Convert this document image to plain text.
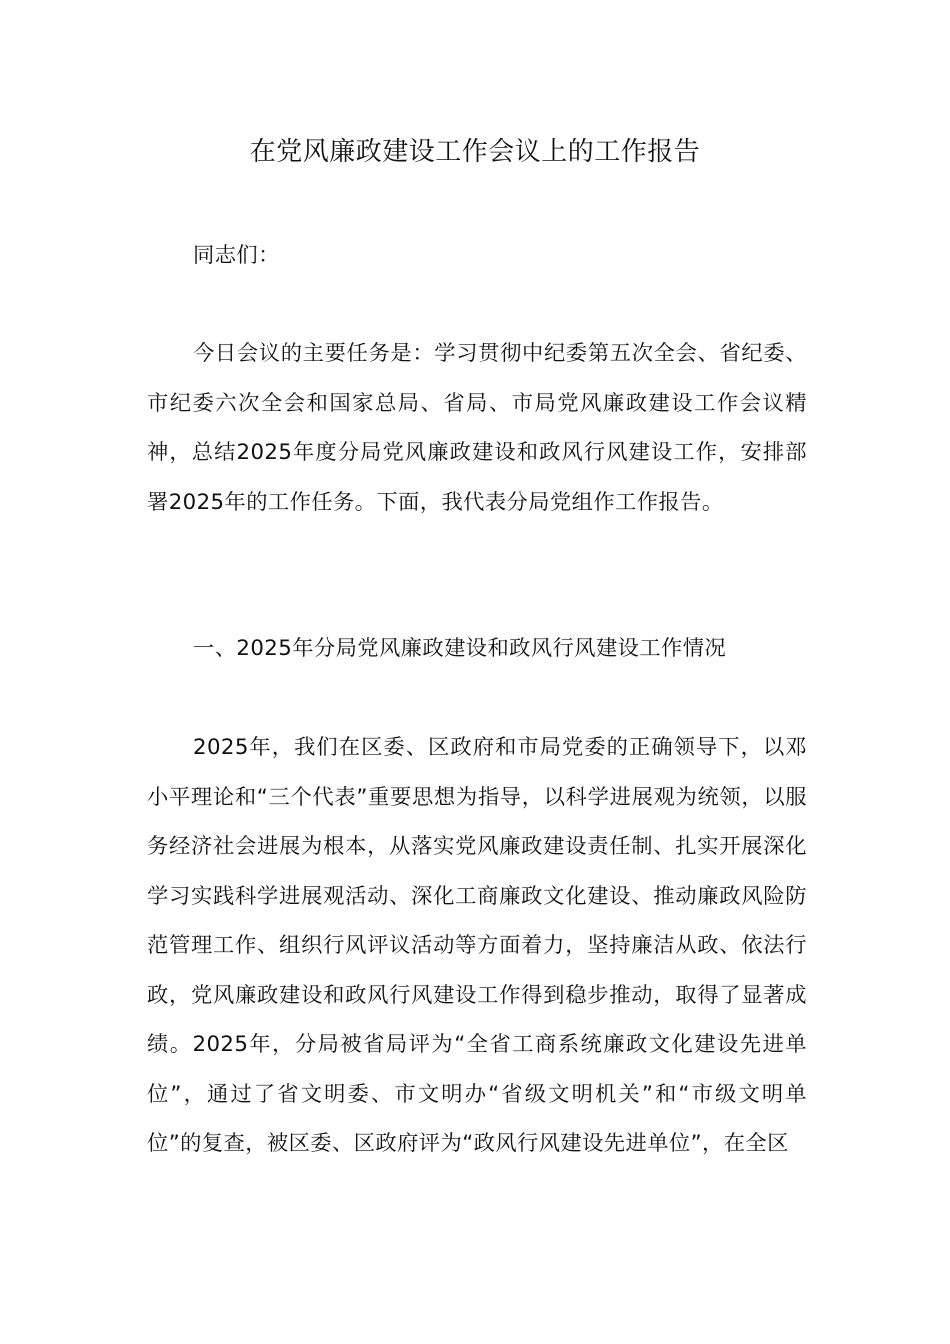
在党风廉政建设工作会议上的工作报告
同志们：
今日会议的主要任务是：学习贯彻中纪委第五次全会、省纪委、市纪委六次全会和国家总局、省局、市局党风廉政建设工作会议精神，总结2025年度分局党风廉政建设和政风行风建设工作，安排部署2025年的工作任务。下面，我代表分局党组作工作报告。
一、2025年分局党风廉政建设和政风行风建设工作情况
2025年，我们在区委、区政府和市局党委的正确领导下，以邓小平理论和“三个代表”重要思想为指导，以科学进展观为统领，以服务经济社会进展为根本，从落实党风廉政建设责任制、扎实开展深化学习实践科学进展观活动、深化工商廉政文化建设、推动廉政风险防范管理工作、组织行风评议活动等方面着力，坚持廉洁从政、依法行政，党风廉政建设和政风行风建设工作得到稳步推动，取得了显著成绩。2025年，分局被省局评为“全省工商系统廉政文化建设先进单位”，通过了省文明委、市文明办“省级文明机关”和“市级文明单位”的复查，被区委、区政府评为“政风行风建设先进单位”，在全区
